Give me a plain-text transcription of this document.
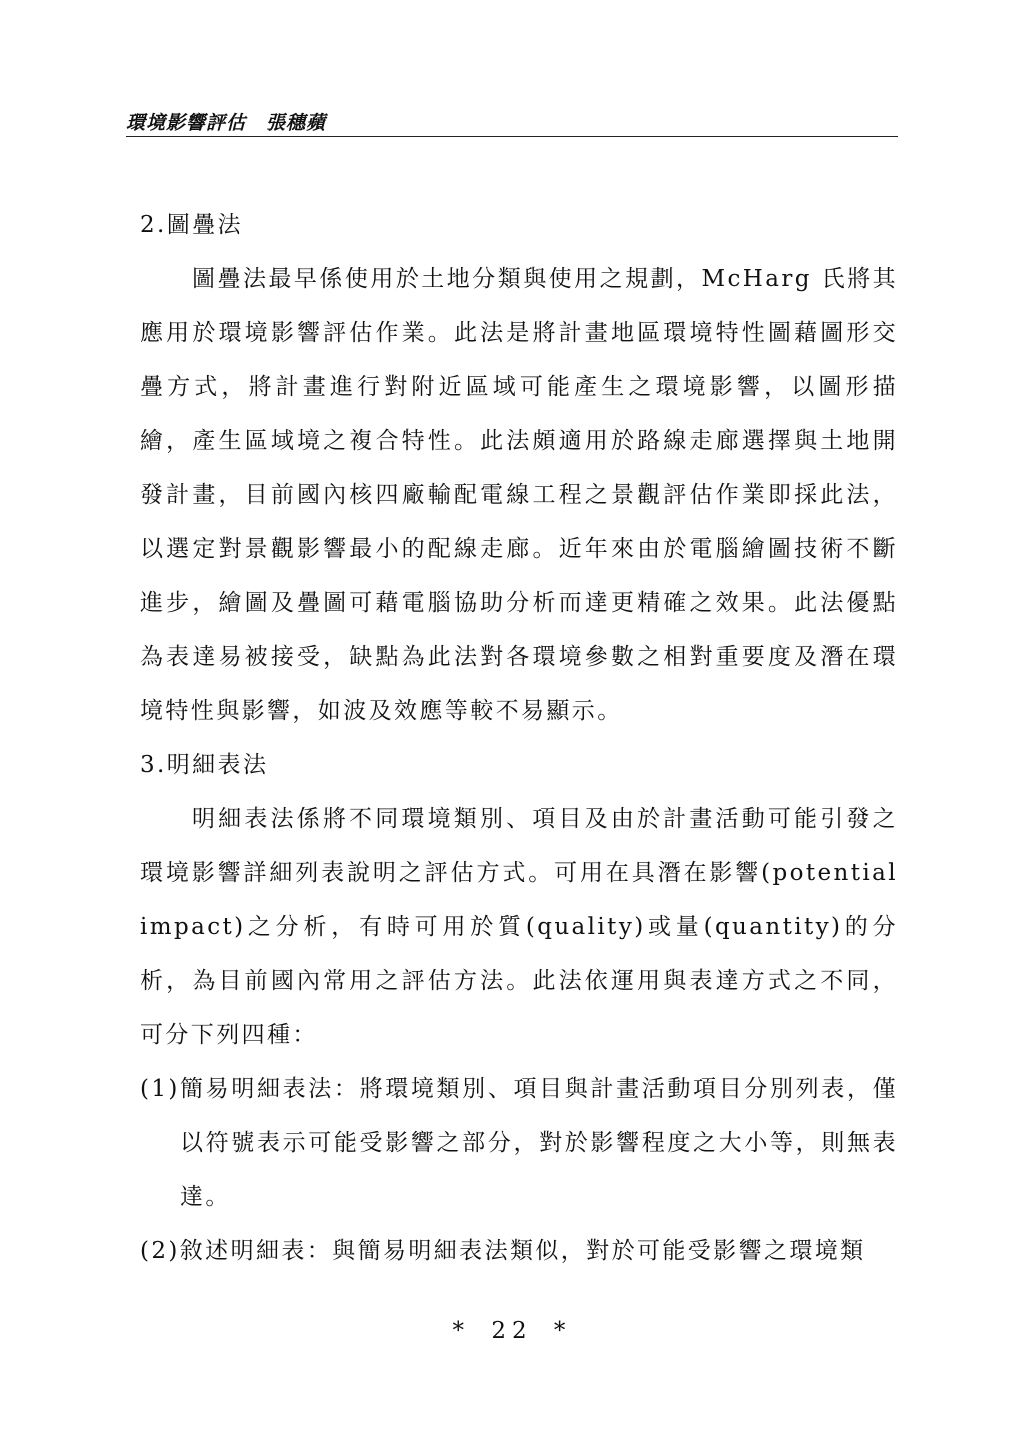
環境影響評估　張穗蘋

2.圖疊法

圖疊法最早係使用於土地分類與使用之規劃，McHarg 氏將其應用於環境影響評估作業。此法是將計畫地區環境特性圖藉圖形交疊方式，將計畫進行對附近區域可能產生之環境影響，以圖形描繪，產生區域境之複合特性。此法頗適用於路線走廊選擇與土地開發計畫，目前國內核四廠輸配電線工程之景觀評估作業即採此法，以選定對景觀影響最小的配線走廊。近年來由於電腦繪圖技術不斷進步，繪圖及疊圖可藉電腦協助分析而達更精確之效果。此法優點為表達易被接受，缺點為此法對各環境參數之相對重要度及潛在環境特性與影響，如波及效應等較不易顯示。

3.明細表法

明細表法係將不同環境類別、項目及由於計畫活動可能引發之環境影響詳細列表說明之評估方式。可用在具潛在影響(potential impact)之分析，有時可用於質(quality)或量(quantity)的分析，為目前國內常用之評估方法。此法依運用與表達方式之不同，可分下列四種：

(1)簡易明細表法：將環境類別、項目與計畫活動項目分別列表，僅以符號表示可能受影響之部分，對於影響程度之大小等，則無表達。

(2)敘述明細表：與簡易明細表法類似，對於可能受影響之環境類

* 22 *
